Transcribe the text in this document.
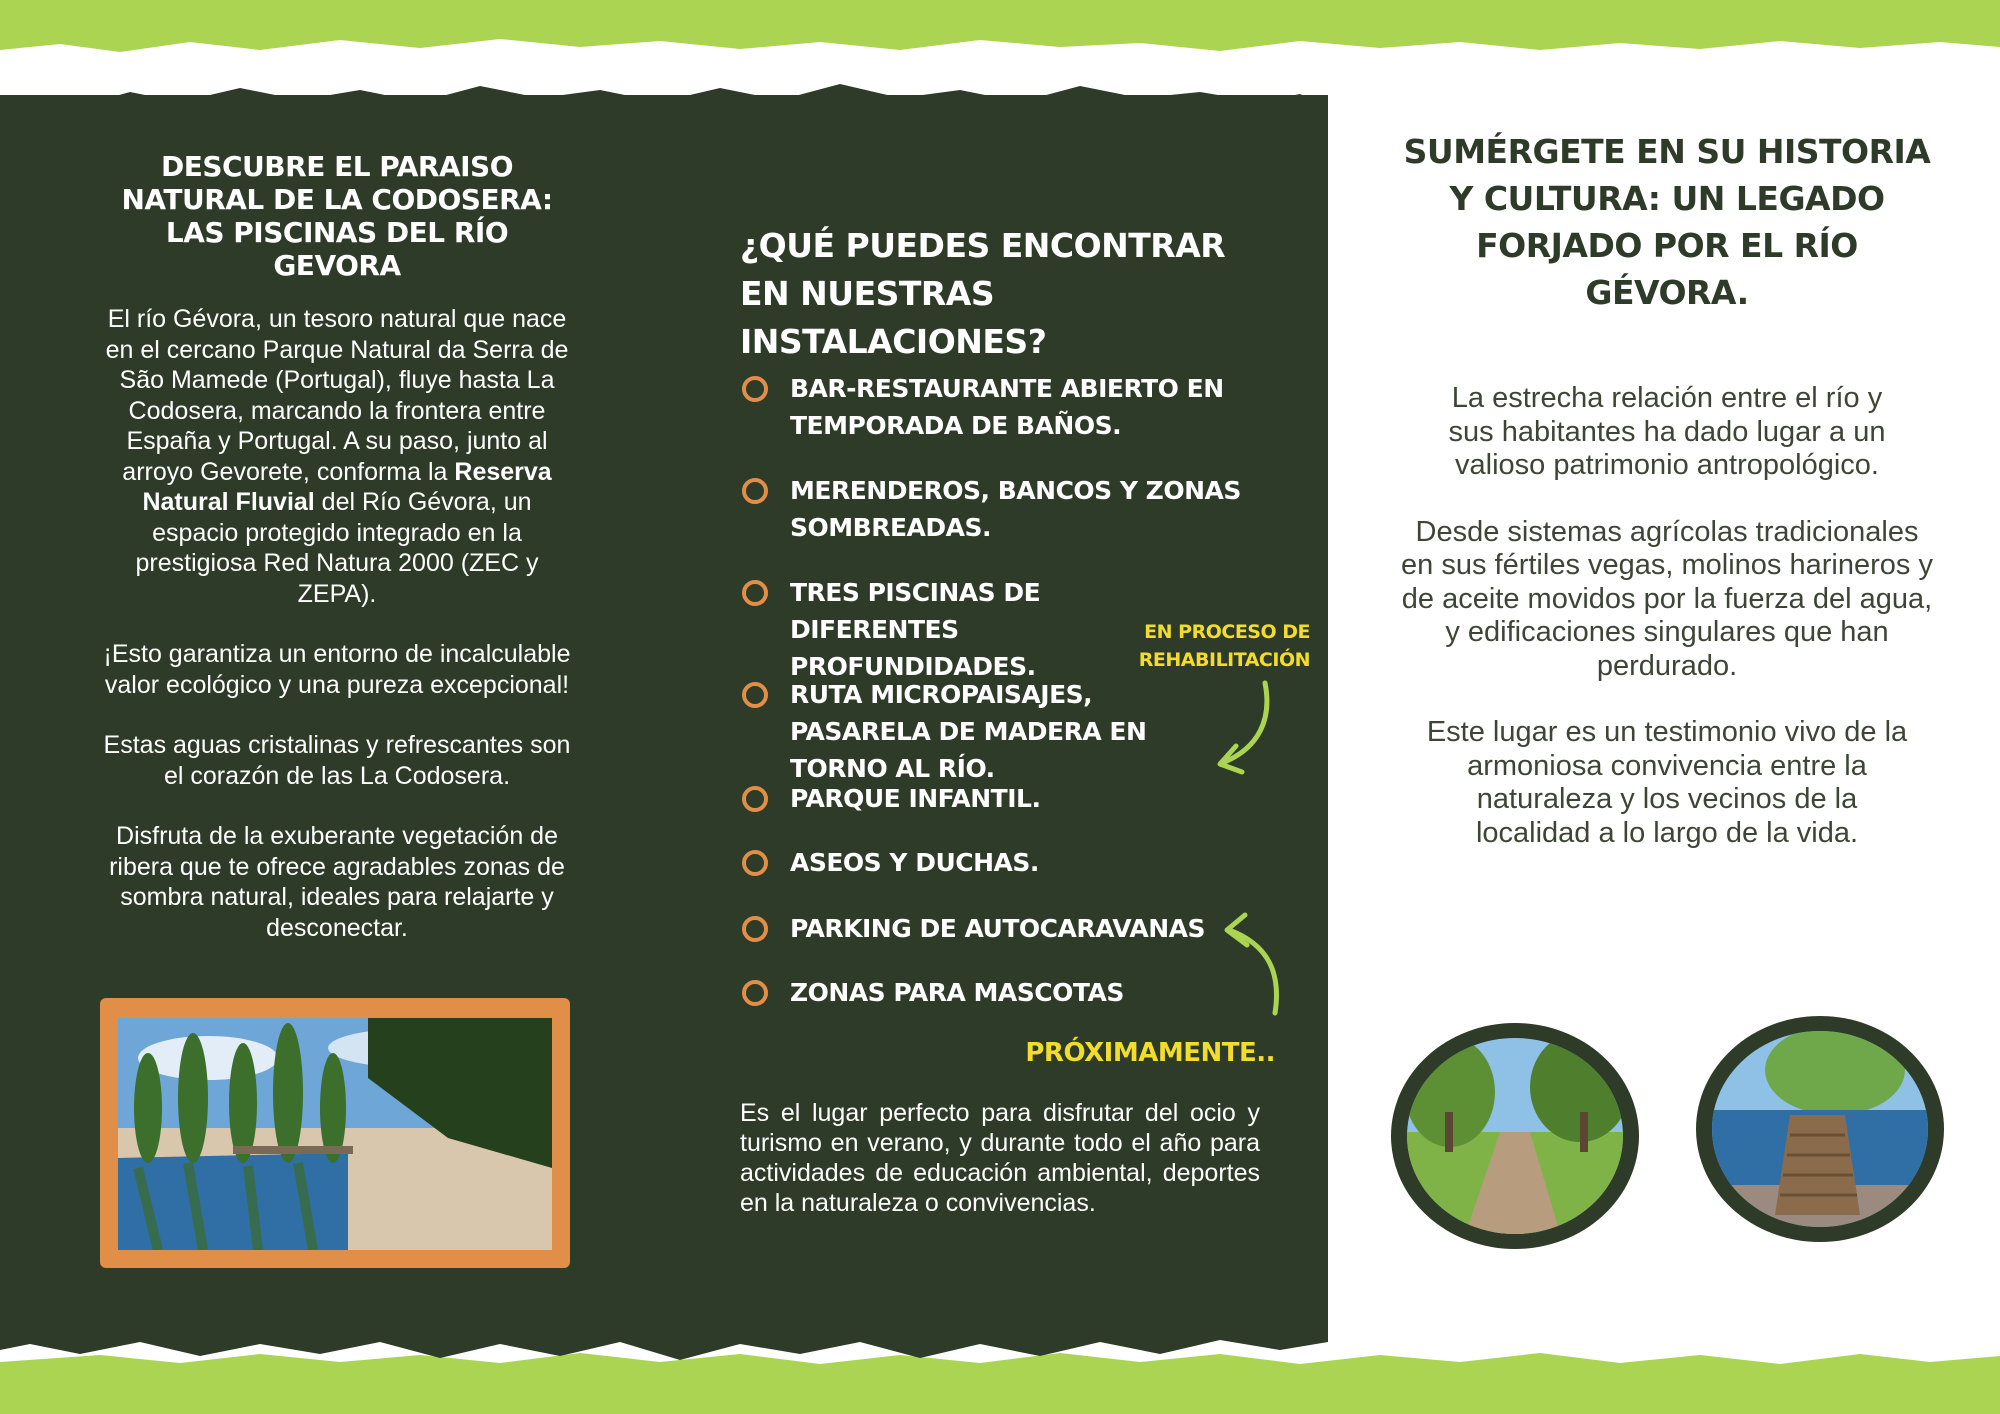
DESCUBRE EL PARAISO NATURAL DE LA CODOSERA: LAS PISCINAS DEL RÍO GEVORA

El río Gévora, un tesoro natural que nace en el cercano Parque Natural da Serra de São Mamede (Portugal), fluye hasta La Codosera, marcando la frontera entre España y Portugal. A su paso, junto al arroyo Gevorete, conforma la Reserva Natural Fluvial del Río Gévora, un espacio protegido integrado en la prestigiosa Red Natura 2000 (ZEC y ZEPA).

¡Esto garantiza un entorno de incalculable valor ecológico y una pureza excepcional!

Estas aguas cristalinas y refrescantes son el corazón de las La Codosera.

Disfruta de la exuberante vegetación de ribera que te ofrece agradables zonas de sombra natural, ideales para relajarte y desconectar.

¿QUÉ PUEDES ENCONTRAR EN NUESTRAS INSTALACIONES?
BAR-RESTAURANTE ABIERTO EN TEMPORADA DE BAÑOS.
MERENDEROS, BANCOS Y ZONAS SOMBREADAS.
TRES PISCINAS DE DIFERENTES PROFUNDIDADES.
RUTA MICROPAISAJES, PASARELA DE MADERA EN TORNO AL RÍO.
PARQUE INFANTIL.
ASEOS Y DUCHAS.
PARKING DE AUTOCARAVANAS
ZONAS PARA MASCOTAS
EN PROCESO DE REHABILITACIÓN
PRÓXIMAMENTE..

Es el lugar perfecto para disfrutar del ocio y turismo en verano, y durante todo el año para actividades de educación ambiental, deportes en la naturaleza o convivencias.

SUMÉRGETE EN SU HISTORIA Y CULTURA: UN LEGADO FORJADO POR EL RÍO GÉVORA.

La estrecha relación entre el río y sus habitantes ha dado lugar a un valioso patrimonio antropológico.

Desde sistemas agrícolas tradicionales en sus fértiles vegas, molinos harineros y de aceite movidos por la fuerza del agua, y edificaciones singulares que han perdurado.

Este lugar es un testimonio vivo de la armoniosa convivencia entre la naturaleza y los vecinos de la localidad a lo largo de la vida.
